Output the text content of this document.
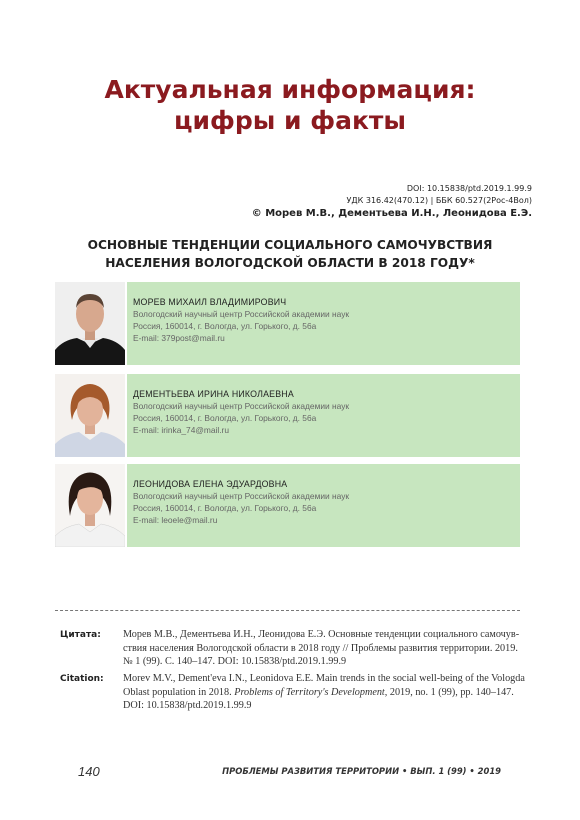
Актуальная информация:
цифры и факты
DOI: 10.15838/ptd.2019.1.99.9
УДК 316.42(470.12) | ББК 60.527(2Рос-4Вол)
© Морев М.В., Дементьева И.Н., Леонидова Е.Э.
ОСНОВНЫЕ ТЕНДЕНЦИИ СОЦИАЛЬНОГО САМОЧУВСТВИЯ
НАСЕЛЕНИЯ ВОЛОГОДСКОЙ ОБЛАСТИ В 2018 ГОДУ*
МОРЕВ МИХАИЛ ВЛАДИМИРОВИЧ
Вологодский научный центр Российской академии наук
Россия, 160014, г. Вологда, ул. Горького, д. 56а
E-mail: 379post@mail.ru
ДЕМЕНТЬЕВА ИРИНА НИКОЛАЕВНА
Вологодский научный центр Российской академии наук
Россия, 160014, г. Вологда, ул. Горького, д. 56а
E-mail: irinka_74@mail.ru
ЛЕОНИДОВА ЕЛЕНА ЭДУАРДОВНА
Вологодский научный центр Российской академии наук
Россия, 160014, г. Вологда, ул. Горького, д. 56а
E-mail: leoele@mail.ru
Цитата: Морев М.В., Дементьева И.Н., Леонидова Е.Э. Основные тенденции социального самочув-
ствия населения Вологодской области в 2018 году // Проблемы развития территории. 2019.
№ 1 (99). С. 140–147. DOI: 10.15838/ptd.2019.1.99.9
Citation: Morev M.V., Dement'eva I.N., Leonidova E.E. Main trends in the social well-being of the Vologda
Oblast population in 2018. Problems of Territory's Development, 2019, no. 1 (99), pp. 140–147.
DOI: 10.15838/ptd.2019.1.99.9
140	ПРОБЛЕМЫ РАЗВИТИЯ ТЕРРИТОРИИ • ВЫП. 1 (99) • 2019
